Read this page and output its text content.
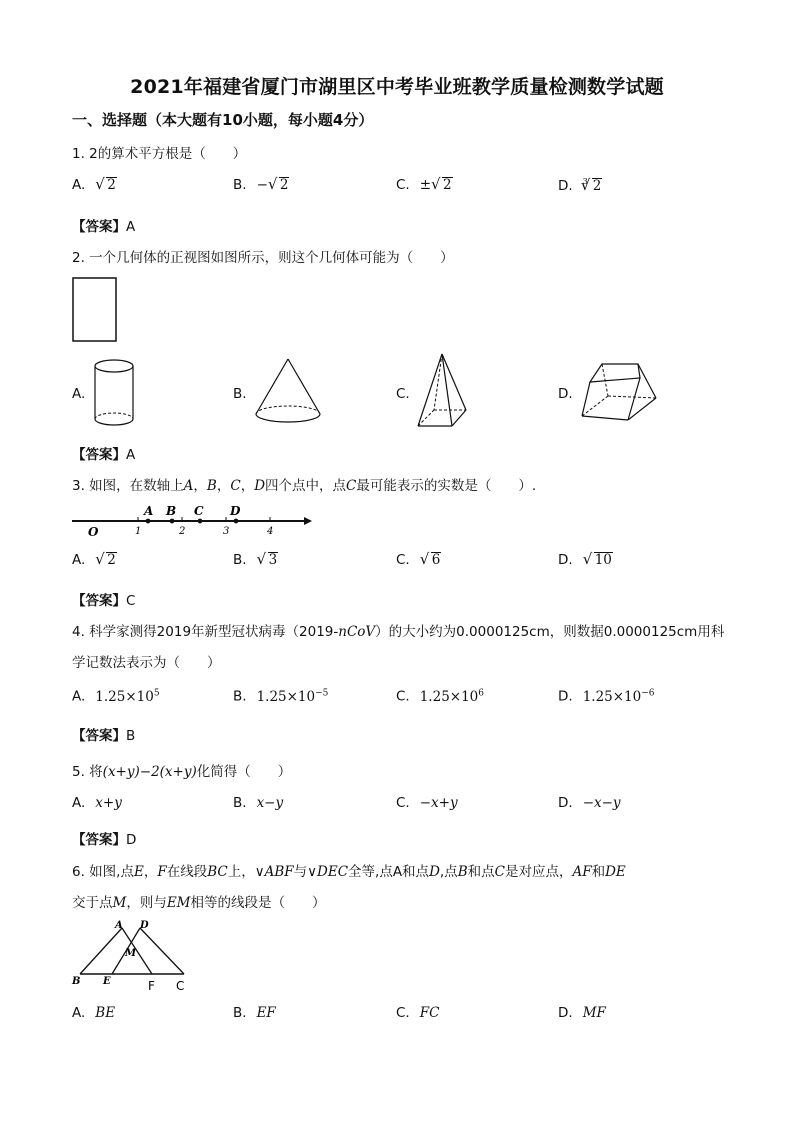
2021年福建省厦门市湖里区中考毕业班教学质量检测数学试题
一、选择题（本大题有10小题，每小题4分）
1. 2的算术平方根是（　　）
A. √ 2	B. − √ 2	C. ± √ 2	D. $^3$ √ 2
【答案】A
2. 一个几何体的正视图如图所示，则这个几何体可能为（　　）
A.	B.	C.	D.
【答案】A
3. 如图，在数轴上A，B，C，D四个点中，点C最可能表示的实数是（　　）.
O
A B C D
1	2	3	4
A. √ 2	B. √ 3	C. √ 6	D. √ 10
【答案】C
4. 科学家测得2019年新型冠状病毒（2019-nCoV）的大小约为0.0000125cm，则数据0.0000125cm用科
学记数法表示为（　　）
A. $1.25\times 10^5$	B. $1.25\times 10^{-5}$	C. $1.25\times 10^6$	D. $1.25\times 10^{-6}$
【答案】B
5. 将(x+y)−2(x+y)化简得（　　）
A. x+y	B. x−y	C. −x+y	D. −x−y
【答案】D
6. 如图,点E，F在线段BC上，∨ABF与∨DEC全等,点A和点D,点B和点C是对应点，AF和DE
交于点M，则与EM相等的线段是（　　）
A D
M
B E	F C
A. BE	B. EF	C. FC	D. MF
